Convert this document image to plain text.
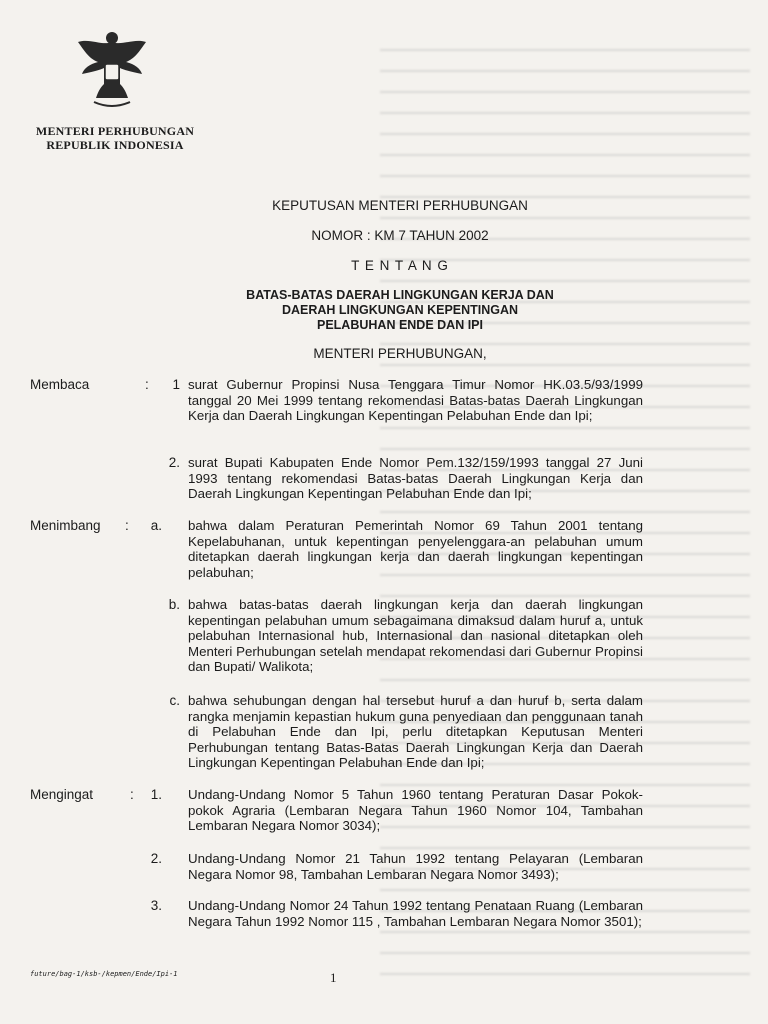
MENTERI PERHUBUNGAN
REPUBLIK INDONESIA
KEPUTUSAN MENTERI PERHUBUNGAN
NOMOR : KM 7 TAHUN 2002
T E N T A N G
BATAS-BATAS DAERAH LINGKUNGAN KERJA DAN
DAERAH LINGKUNGAN KEPENTINGAN
PELABUHAN ENDE DAN IPI
MENTERI PERHUBUNGAN,
Membaca	:	1 surat Gubernur Propinsi Nusa Tenggara Timur Nomor HK.03.5/93/1999 tanggal 20 Mei 1999 tentang rekomendasi Batas-batas Daerah Lingkungan Kerja dan Daerah Lingkungan Kepentingan Pelabuhan Ende dan Ipi;
2. surat Bupati Kabupaten Ende Nomor Pem.132/159/1993 tanggal 27 Juni 1993 tentang rekomendasi Batas-batas Daerah Lingkungan Kerja dan Daerah Lingkungan Kepentingan Pelabuhan Ende dan Ipi;
Menimbang :	a. bahwa dalam Peraturan Pemerintah Nomor 69 Tahun 2001 tentang Kepelabuhanan, untuk kepentingan penyelenggara-an pelabuhan umum ditetapkan daerah lingkungan kerja dan daerah lingkungan kepentingan pelabuhan;
b. bahwa batas-batas daerah lingkungan kerja dan daerah lingkungan kepentingan pelabuhan umum sebagaimana dimaksud dalam huruf a, untuk pelabuhan Internasional hub, Internasional dan nasional ditetapkan oleh Menteri Perhubungan setelah mendapat rekomendasi dari Gubernur Propinsi dan Bupati/ Walikota;
c. bahwa sehubungan dengan hal tersebut huruf a dan huruf b, serta dalam rangka menjamin kepastian hukum guna penyediaan dan penggunaan tanah di Pelabuhan Ende dan Ipi, perlu ditetapkan Keputusan Menteri Perhubungan tentang Batas-Batas Daerah Lingkungan Kerja dan Daerah Lingkungan Kepentingan Pelabuhan Ende dan Ipi;
Mengingat	:	1. Undang-Undang Nomor 5 Tahun 1960 tentang Peraturan Dasar Pokok-pokok Agraria (Lembaran Negara Tahun 1960 Nomor 104, Tambahan Lembaran Negara Nomor 3034);
2. Undang-Undang Nomor 21 Tahun 1992 tentang Pelayaran (Lembaran Negara Nomor 98, Tambahan Lembaran Negara Nomor 3493);
3. Undang-Undang Nomor 24 Tahun 1992 tentang Penataan Ruang (Lembaran Negara Tahun 1992 Nomor 115 , Tambahan Lembaran Negara Nomor 3501);
future/bag-1/ksb-/kepmen/Ende/Ipi-1	1
